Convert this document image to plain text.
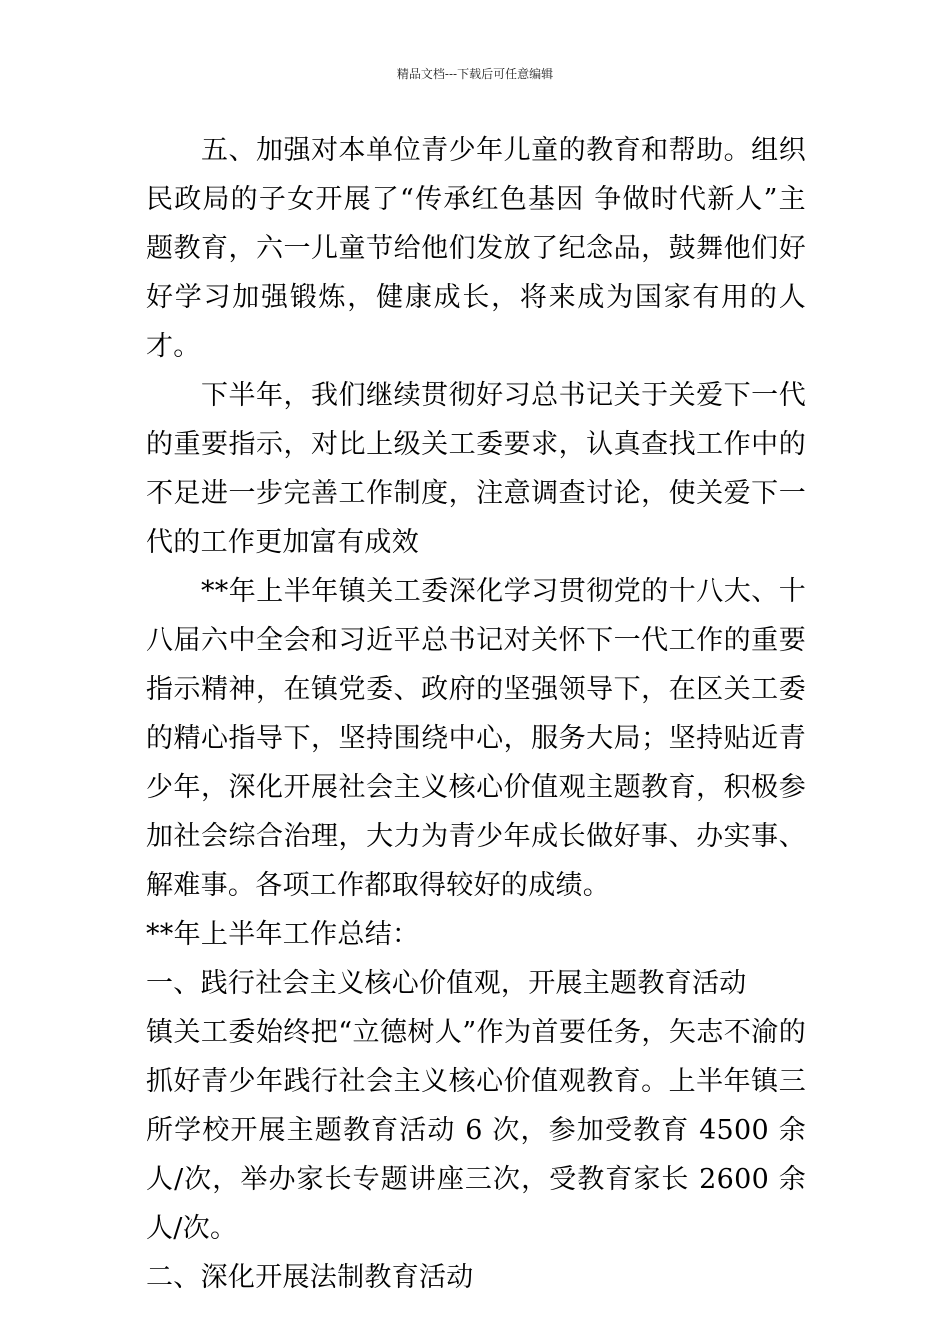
精品文档---下载后可任意编辑

五、加强对本单位青少年儿童的教育和帮助。组织民政局的子女开展了“传承红色基因 争做时代新人”主题教育，六一儿童节给他们发放了纪念品，鼓舞他们好好学习加强锻炼，健康成长，将来成为国家有用的人才。

下半年，我们继续贯彻好习总书记关于关爱下一代的重要指示，对比上级关工委要求，认真查找工作中的不足进一步完善工作制度，注意调查讨论，使关爱下一代的工作更加富有成效

**年上半年镇关工委深化学习贯彻党的十八大、十八届六中全会和习近平总书记对关怀下一代工作的重要指示精神，在镇党委、政府的坚强领导下，在区关工委的精心指导下，坚持围绕中心，服务大局；坚持贴近青少年，深化开展社会主义核心价值观主题教育，积极参加社会综合治理，大力为青少年成长做好事、办实事、解难事。各项工作都取得较好的成绩。

**年上半年工作总结：

一、践行社会主义核心价值观，开展主题教育活动

镇关工委始终把“立德树人”作为首要任务，矢志不渝的抓好青少年践行社会主义核心价值观教育。上半年镇三所学校开展主题教育活动 6 次，参加受教育 4500 余人/次，举办家长专题讲座三次，受教育家长 2600 余人/次。

二、深化开展法制教育活动
